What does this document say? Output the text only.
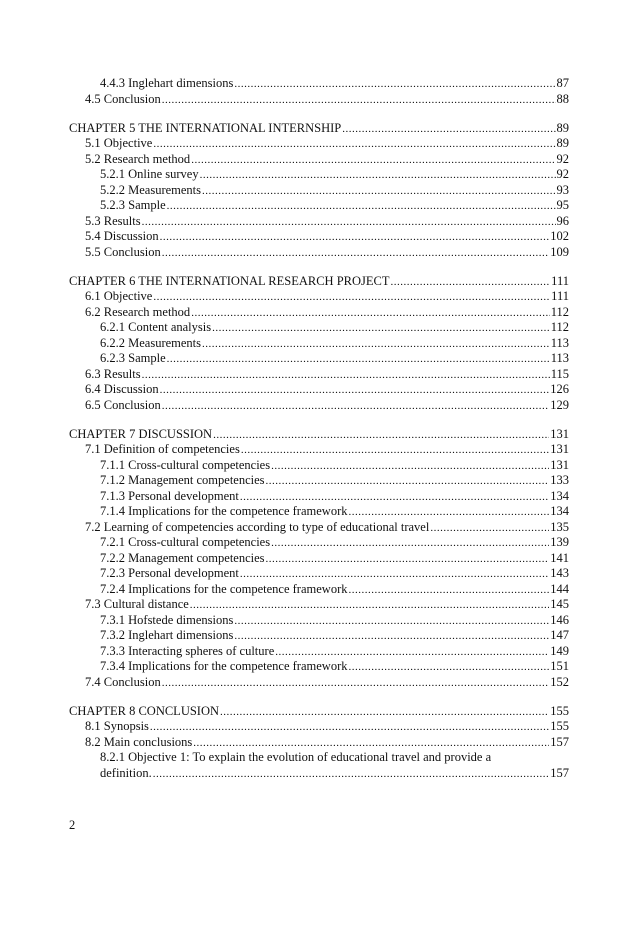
4.4.3 Inglehart dimensions .....	87
4.5 Conclusion .....	88
CHAPTER 5 THE INTERNATIONAL INTERNSHIP .....	89
5.1 Objective .....	89
5.2 Research method .....	92
5.2.1 Online survey .....	92
5.2.2 Measurements .....	93
5.2.3 Sample .....	95
5.3 Results .....	96
5.4 Discussion .....	102
5.5 Conclusion .....	109
CHAPTER 6 THE INTERNATIONAL RESEARCH PROJECT .....	111
6.1 Objective .....	111
6.2 Research method .....	112
6.2.1 Content analysis .....	112
6.2.2 Measurements .....	113
6.2.3 Sample .....	113
6.3 Results .....	115
6.4 Discussion .....	126
6.5 Conclusion .....	129
CHAPTER 7 DISCUSSION .....	131
7.1 Definition of competencies .....	131
7.1.1 Cross-cultural competencies .....	131
7.1.2 Management competencies .....	133
7.1.3 Personal development .....	134
7.1.4 Implications for the competence framework .....	134
7.2 Learning of competencies according to type of educational travel .....	135
7.2.1 Cross-cultural competencies .....	139
7.2.2 Management competencies .....	141
7.2.3 Personal development .....	143
7.2.4 Implications for the competence framework .....	144
7.3 Cultural distance .....	145
7.3.1 Hofstede dimensions .....	146
7.3.2 Inglehart dimensions .....	147
7.3.3 Interacting spheres of culture .....	149
7.3.4 Implications for the competence framework .....	151
7.4 Conclusion .....	152
CHAPTER 8 CONCLUSION .....	155
8.1 Synopsis .....	155
8.2 Main conclusions .....	157
8.2.1 Objective 1: To explain the evolution of educational travel and provide a
definition. .....	157
2
